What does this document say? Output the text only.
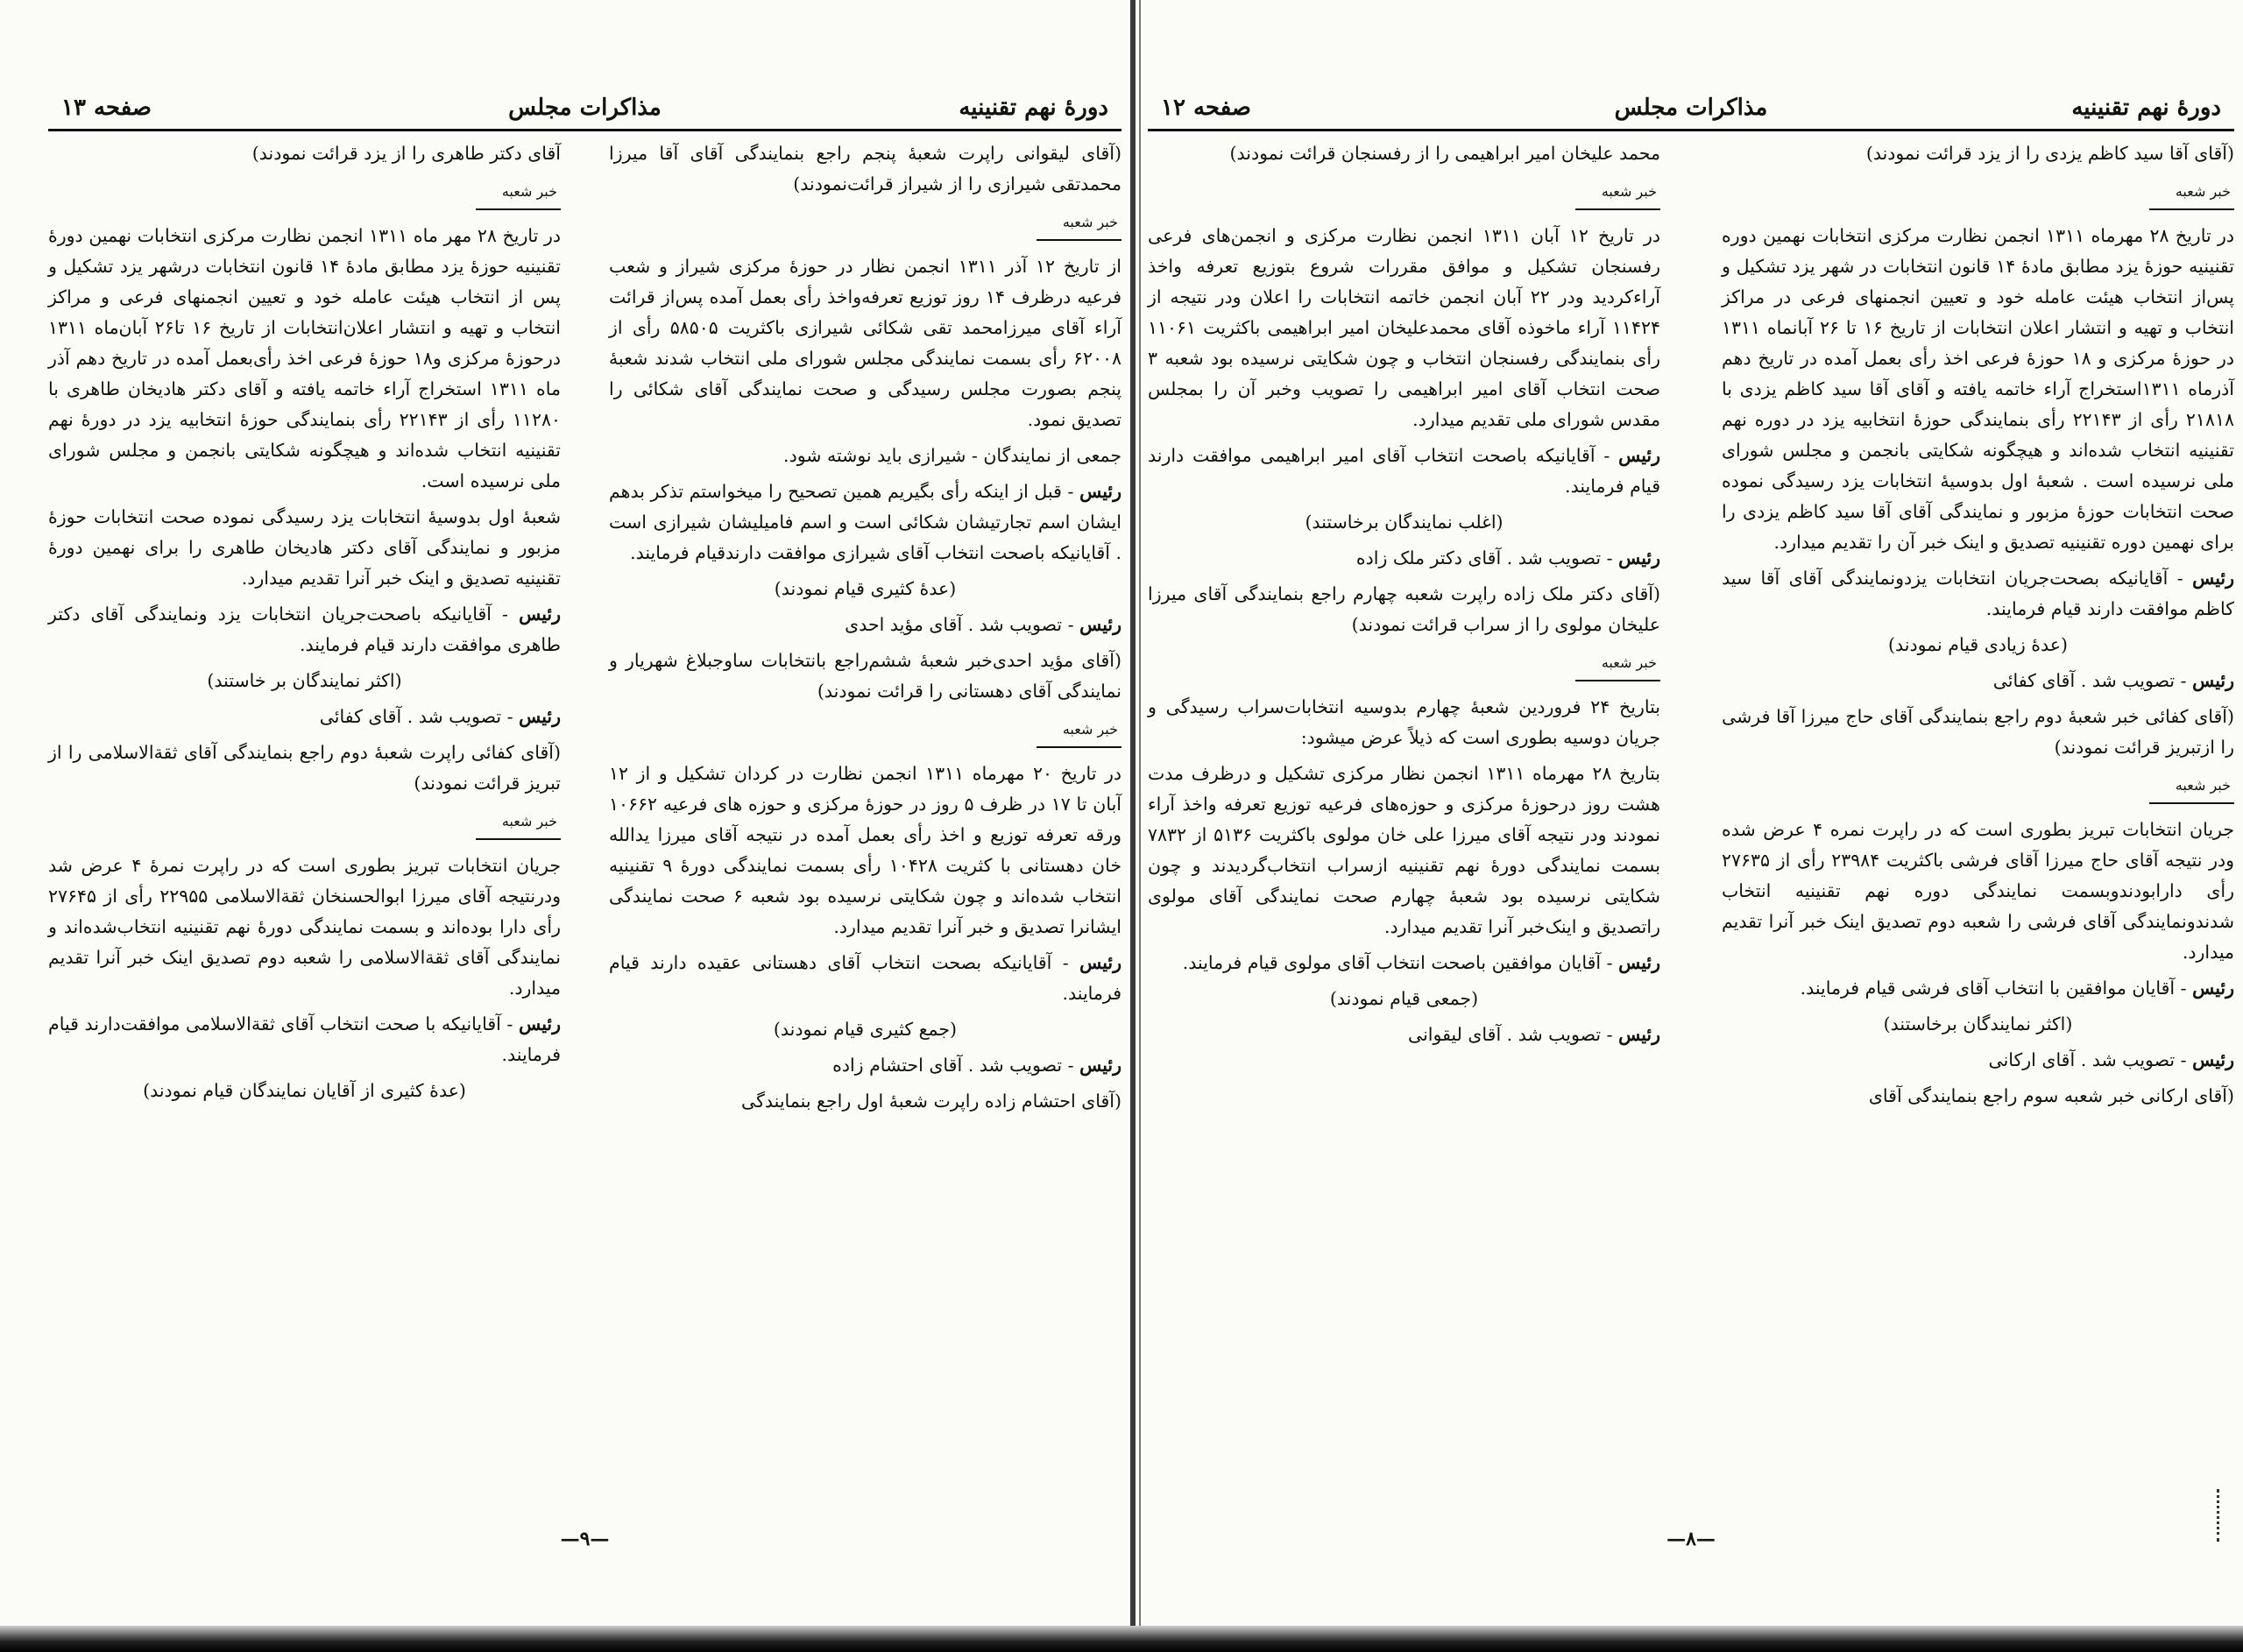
دورهٔ نهم تقنینیه
مذاکرات مجلس
صفحه ۱۳

(آقای لیقوانی راپرت شعبهٔ پنجم راجع بنمایندگی آقای آقا میرزا محمدتقی شیرازی را از شیراز قرائت‌نمودند)

خبر شعبه

از تاریخ ۱۲ آذر ۱۳۱۱ انجمن نظار در حوزهٔ مرکزی شیراز و شعب فرعیه درظرف ۱۴ روز توزیع تعرفه‌واخذ رأی بعمل آمده پس‌از قرائت آراء آقای میرزامحمد تقی شکائی شیرازی باکثریت ۵۸۵۰۵ رأی از ۶۲۰۰۸ رأی بسمت نمایندگی مجلس شورای ملی انتخاب شدند شعبهٔ پنجم بصورت مجلس رسیدگی و صحت نمایندگی آقای شکائی را تصدیق نمود.

جمعی از نمایندگان - شیرازی باید نوشته شود.

رئیس - قبل از اینکه رأی بگیریم همین تصحیح را میخواستم تذکر بدهم ایشان اسم تجارتیشان شکائی است و اسم فامیلیشان شیرازی است . آقایانیکه باصحت انتخاب آقای شیرازی موافقت دارندقیام فرمایند.

(عدهٔ کثیری قیام نمودند)

رئیس - تصویب شد . آقای مؤید احدی

(آقای مؤید احدی‌خبر شعبهٔ ششم‌راجع بانتخابات ساوجبلاغ شهریار و نمایندگی آقای دهستانی را قرائت نمودند)

خبر شعبه

در تاریخ ۲۰ مهرماه ۱۳۱۱ انجمن نظارت در کردان تشکیل و از ۱۲ آبان تا ۱۷ در ظرف ۵ روز در حوزهٔ مرکزی و حوزه های فرعیه ۱۰۶۶۲ ورقه تعرفه توزیع و اخذ رأی بعمل آمده در نتیجه آقای میرزا یدالله خان دهستانی با کثریت ۱۰۴۲۸ رأی بسمت نمایندگی دورهٔ ۹ تقنینیه انتخاب شده‌اند و چون شکایتی نرسیده بود شعبه ۶ صحت نمایندگی ایشانرا تصدیق و خبر آنرا تقدیم میدارد.

رئیس - آقایانیکه بصحت انتخاب آقای دهستانی عقیده دارند قیام فرمایند.

(جمع کثیری قیام نمودند)

رئیس - تصویب شد . آقای احتشام زاده

(آقای احتشام زاده راپرت شعبهٔ اول راجع بنمایندگی

آقای دکتر طاهری را از یزد قرائت نمودند)

خبر شعبه

در تاریخ ۲۸ مهر ماه ۱۳۱۱ انجمن نظارت مرکزی انتخابات نهمین دورهٔ تقنینیه حوزهٔ یزد مطابق مادهٔ ۱۴ قانون انتخابات درشهر یزد تشکیل و پس از انتخاب هیئت عامله خود و تعیین انجمنهای فرعی و مراکز انتخاب و تهیه و انتشار اعلان‌انتخابات از تاریخ ۱۶ تا۲۶ آبان‌ماه ۱۳۱۱ درحوزهٔ مرکزی و۱۸ حوزهٔ فرعی اخذ رأی‌بعمل آمده در تاریخ دهم آذر ماه ۱۳۱۱ استخراج آراء خاتمه یافته و آقای دکتر هادیخان طاهری با ۱۱۲۸۰ رأی از ۲۲۱۴۳ رأی بنمایندگی حوزهٔ انتخابیه یزد در دورهٔ نهم تقنینیه انتخاب شده‌اند و هیچگونه شکایتی بانجمن و مجلس شورای ملی نرسیده است.

شعبهٔ اول بدوسیهٔ انتخابات یزد رسیدگی نموده صحت انتخابات حوزهٔ مزبور و نمایندگی آقای دکتر هادیخان طاهری را برای نهمین دورهٔ تقنینیه تصدیق و اینک خبر آنرا تقدیم میدارد.

رئیس - آقایانیکه باصحت‌جریان انتخابات یزد ونمایندگی آقای دکتر طاهری موافقت دارند قیام فرمایند.

(اکثر نمایندگان بر خاستند)

رئیس - تصویب شد . آقای کفائی

(آقای کفائی راپرت شعبهٔ دوم راجع بنمایندگی آقای ثقةالاسلامی را از تبریز قرائت نمودند)

خبر شعبه

جریان انتخابات تبریز بطوری است که در راپرت نمرهٔ ۴ عرض شد ودرنتیجه آقای میرزا ابوالحسنخان ثقةالاسلامی ۲۲۹۵۵ رأی از ۲۷۶۴۵ رأی دارا بوده‌اند و بسمت نمایندگی دورهٔ نهم تقنینیه انتخاب‌شده‌اند و نمایندگی آقای ثقةالاسلامی را شعبه دوم تصدیق اینک خبر آنرا تقدیم میدارد.

رئیس - آقایانیکه با صحت انتخاب آقای ثقةالاسلامی موافقت‌دارند قیام فرمایند.

(عدهٔ کثیری از آقایان نمایندگان قیام نمودند)

—۹—
دورهٔ نهم تقنینیه
مذاکرات مجلس
صفحه ۱۲

(آقای آقا سید کاظم یزدی را از یزد قرائت نمودند)

خبر شعبه

در تاریخ ۲۸ مهرماه ۱۳۱۱ انجمن نظارت مرکزی انتخابات نهمین دوره تقنینیه حوزهٔ یزد مطابق مادهٔ ۱۴ قانون انتخابات در شهر یزد تشکیل و پس‌از انتخاب هیئت عامله خود و تعیین انجمنهای فرعی در مراکز انتخاب و تهیه و انتشار اعلان انتخابات از تاریخ ۱۶ تا ۲۶ آبانماه ۱۳۱۱ در حوزهٔ مرکزی و ۱۸ حوزهٔ فرعی اخذ رأی بعمل آمده در تاریخ دهم آذرماه ۱۳۱۱استخراج آراء خاتمه یافته و آقای آقا سید کاظم یزدی با ۲۱۸۱۸ رأی از ۲۲۱۴۳ رأی بنمایندگی حوزهٔ انتخابیه یزد در دوره نهم تقنینیه انتخاب شده‌اند و هیچگونه شکایتی بانجمن و مجلس شورای ملی نرسیده است . شعبهٔ اول بدوسیهٔ انتخابات یزد رسیدگی نموده صحت انتخابات حوزهٔ مزبور و نمایندگی آقای آقا سید کاظم یزدی را برای نهمین دوره تقنینیه تصدیق و اینک خبر آن را تقدیم میدارد.

رئیس - آقایانیکه بصحت‌جریان انتخابات یزد‌ونمایندگی آقای آقا سید کاظم موافقت دارند قیام فرمایند.

(عدهٔ زیادی قیام نمودند)

رئیس - تصویب شد . آقای کفائی

(آقای کفائی خبر شعبهٔ دوم راجع بنمایندگی آقای حاج میرزا آقا فرشی را ازتبریز قرائت نمودند)

خبر شعبه

جریان انتخابات تبریز بطوری است که در راپرت نمره ۴ عرض شده ودر نتیجه آقای حاج میرزا آقای فرشی باکثریت ۲۳۹۸۴ رأی از ۲۷۶۳۵ رأی دارابودندوبسمت نمایندگی دوره نهم تقنینیه انتخاب شدندونمایندگی آقای فرشی را شعبه دوم تصدیق اینک خبر آنرا تقدیم میدارد.

رئیس - آقایان موافقین با انتخاب آقای فرشی قیام فرمایند.

(اکثر نمایندگان برخاستند)

رئیس - تصویب شد . آقای ارکانی

(آقای ارکانی خبر شعبه سوم راجع بنمایندگی آقای

محمد علیخان امیر ابراهیمی را از رفسنجان قرائت نمودند)

خبر شعبه

در تاریخ ۱۲ آبان ۱۳۱۱ انجمن نظارت مرکزی و انجمن‌های فرعی رفسنجان تشکیل و موافق مقررات شروع بتوزیع تعرفه واخذ آراء‌کردید ودر ۲۲ آبان انجمن خاتمه انتخابات را اعلان ودر نتیجه از ۱۱۴۲۴ آراء ماخوذه آقای محمدعلیخان امیر ابراهیمی باکثریت ۱۱۰۶۱ رأی بنمایندگی رفسنجان انتخاب و چون شکایتی نرسیده بود شعبه ۳ صحت انتخاب آقای امیر ابراهیمی را تصویب وخبر آن را بمجلس مقدس شورای ملی تقدیم میدارد.

رئیس - آقایانیکه باصحت انتخاب آقای امیر ابراهیمی موافقت دارند قیام فرمایند.

(اغلب نمایندگان برخاستند)

رئیس - تصویب شد . آقای دکتر ملک زاده

(آقای دکتر ملک زاده راپرت شعبه چهارم راجع بنمایندگی آقای میرزا علیخان مولوی را از سراب قرائت نمودند)

خبر شعبه

بتاریخ ۲۴ فروردین شعبهٔ چهارم بدوسیه انتخابات‌سراب رسیدگی و جریان دوسیه بطوری است که ذیلاً عرض میشود:

بتاریخ ۲۸ مهرماه ۱۳۱۱ انجمن نظار مرکزی تشکیل و درظرف مدت هشت روز درحوزهٔ مرکزی و حوزه‌های فرعیه توزیع تعرفه واخذ آراء نمودند ودر نتیجه آقای میرزا علی خان مولوی باکثریت ۵۱۳۶ از ۷۸۳۲ بسمت نمایندگی دورهٔ نهم تقنینیه ازسراب انتخاب‌گردیدند و چون شکایتی نرسیده بود شعبهٔ چهارم صحت نمایندگی آقای مولوی راتصدیق و اینک‌خبر آنرا تقدیم میدارد.

رئیس - آقایان موافقین باصحت انتخاب آقای مولوی قیام فرمایند.

(جمعی قیام نمودند)

رئیس - تصویب شد . آقای لیقوانی

—۸—
